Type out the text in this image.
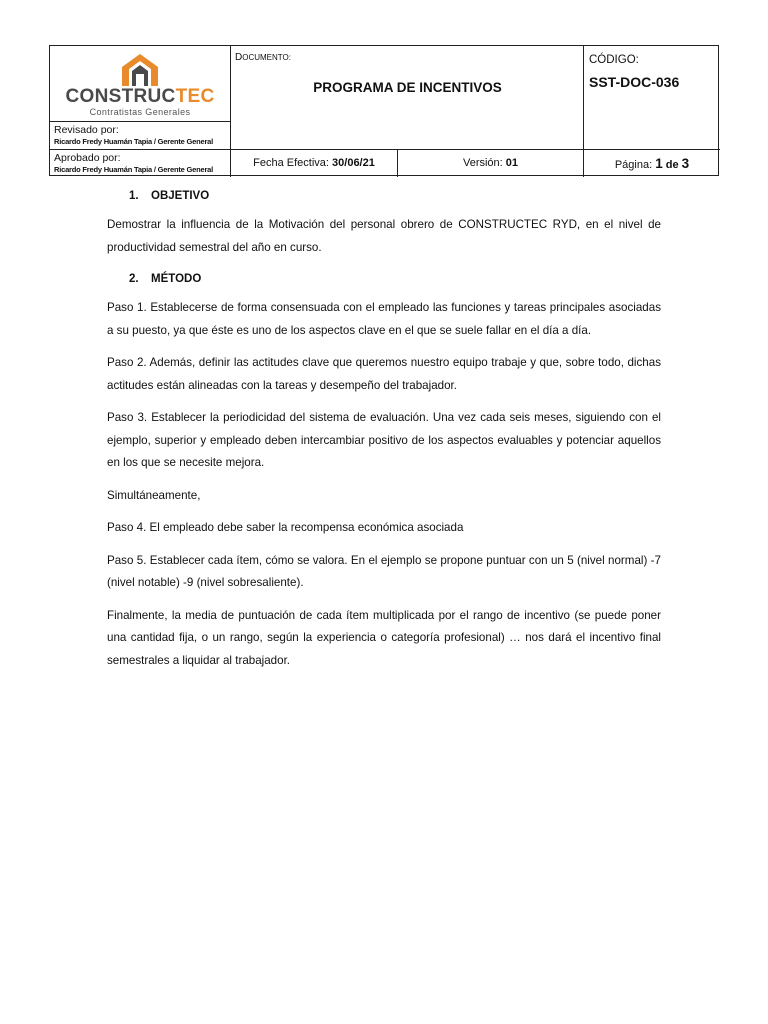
CONSTRUCTEC
Contratistas Generales
Revisado por:
Ricardo Fredy Huamán Tapia / Gerente General
Aprobado por:
Ricardo Fredy Huamán Tapia / Gerente General
DOCUMENTO:
PROGRAMA DE INCENTIVOS
CÓDIGO:
SST-DOC-036
Fecha Efectiva: 30/06/21	Versión: 01	Página: 1 de 3
1. OBJETIVO

Demostrar la influencia de la Motivación del personal obrero de CONSTRUCTEC RYD, en el nivel de productividad semestral del año en curso.

2. MÉTODO

Paso 1. Establecerse de forma consensuada con el empleado las funciones y tareas principales asociadas a su puesto, ya que éste es uno de los aspectos clave en el que se suele fallar en el día a día.

Paso 2. Además, definir las actitudes clave que queremos nuestro equipo trabaje y que, sobre todo, dichas actitudes están alineadas con la tareas y desempeño del trabajador.

Paso 3. Establecer la periodicidad del sistema de evaluación. Una vez cada seis meses, siguiendo con el ejemplo, superior y empleado deben intercambiar positivo de los aspectos evaluables y potenciar aquellos en los que se necesite mejora.

Simultáneamente,

Paso 4. El empleado debe saber la recompensa económica asociada

Paso 5. Establecer cada ítem, cómo se valora. En el ejemplo se propone puntuar con un 5 (nivel normal) -7 (nivel notable) -9 (nivel sobresaliente).

Finalmente, la media de puntuación de cada ítem multiplicada por el rango de incentivo (se puede poner una cantidad fija, o un rango, según la experiencia o categoría profesional) … nos dará el incentivo final semestrales a liquidar al trabajador.
